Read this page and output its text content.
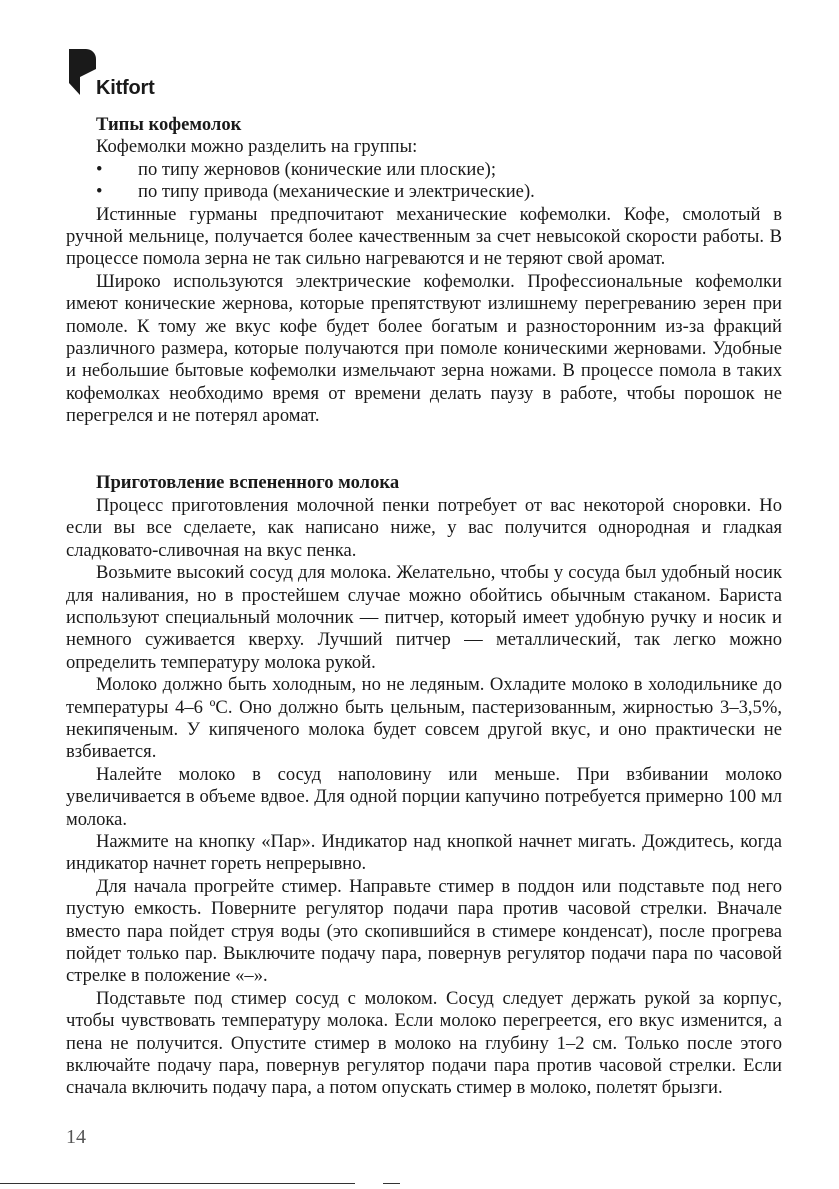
Kitfort
Типы кофемолок

Кофемолки можно разделить на группы:

• по типу жерновов (конические или плоские);
• по типу привода (механические и электрические).

Истинные гурманы предпочитают механические кофемолки. Кофе, смолотый в ручной мельнице, получается более качественным за счет невысокой скорости работы. В процессе помола зерна не так сильно нагреваются и не теряют свой аромат.

Широко используются электрические кофемолки. Профессиональные кофемолки имеют конические жернова, которые препятствуют излишнему перегреванию зерен при помоле. К тому же вкус кофе будет более богатым и разносторонним из-за фракций различного размера, которые получаются при помоле коническими жерновами. Удобные и небольшие бытовые кофемолки измельчают зерна ножами. В процессе помола в таких кофемолках необходимо время от времени делать паузу в работе, чтобы порошок не перегрелся и не потерял аромат.

Приготовление вспененного молока

Процесс приготовления молочной пенки потребует от вас некоторой сноровки. Но если вы все сделаете, как написано ниже, у вас получится однородная и гладкая сладковато-сливочная на вкус пенка.

Возьмите высокий сосуд для молока. Желательно, чтобы у сосуда был удобный носик для наливания, но в простейшем случае можно обойтись обычным стаканом. Бариста используют специальный молочник — питчер, который имеет удобную ручку и носик и немного суживается кверху. Лучший питчер — металлический, так легко можно определить температуру молока рукой.

Молоко должно быть холодным, но не ледяным. Охладите молоко в холодильнике до температуры 4–6 ºС. Оно должно быть цельным, пастеризованным, жирностью 3–3,5%, некипяченым. У кипяченого молока будет совсем другой вкус, и оно практически не взбивается.

Налейте молоко в сосуд наполовину или меньше. При взбивании молоко увеличивается в объеме вдвое. Для одной порции капучино потребуется примерно 100 мл молока.

Нажмите на кнопку «Пар». Индикатор над кнопкой начнет мигать. Дождитесь, когда индикатор начнет гореть непрерывно.

Для начала прогрейте стимер. Направьте стимер в поддон или подставьте под него пустую емкость. Поверните регулятор подачи пара против часовой стрелки. Вначале вместо пара пойдет струя воды (это скопившийся в стимере конденсат), после прогрева пойдет только пар. Выключите подачу пара, повернув регулятор подачи пара по часовой стрелке в положение «–».

Подставьте под стимер сосуд с молоком. Сосуд следует держать рукой за корпус, чтобы чувствовать температуру молока. Если молоко перегреется, его вкус изменится, а пена не получится. Опустите стимер в молоко на глубину 1–2 см. Только после этого включайте подачу пара, повернув регулятор подачи пара против часовой стрелки. Если сначала включить подачу пара, а потом опускать стимер в молоко, полетят брызги.

14
